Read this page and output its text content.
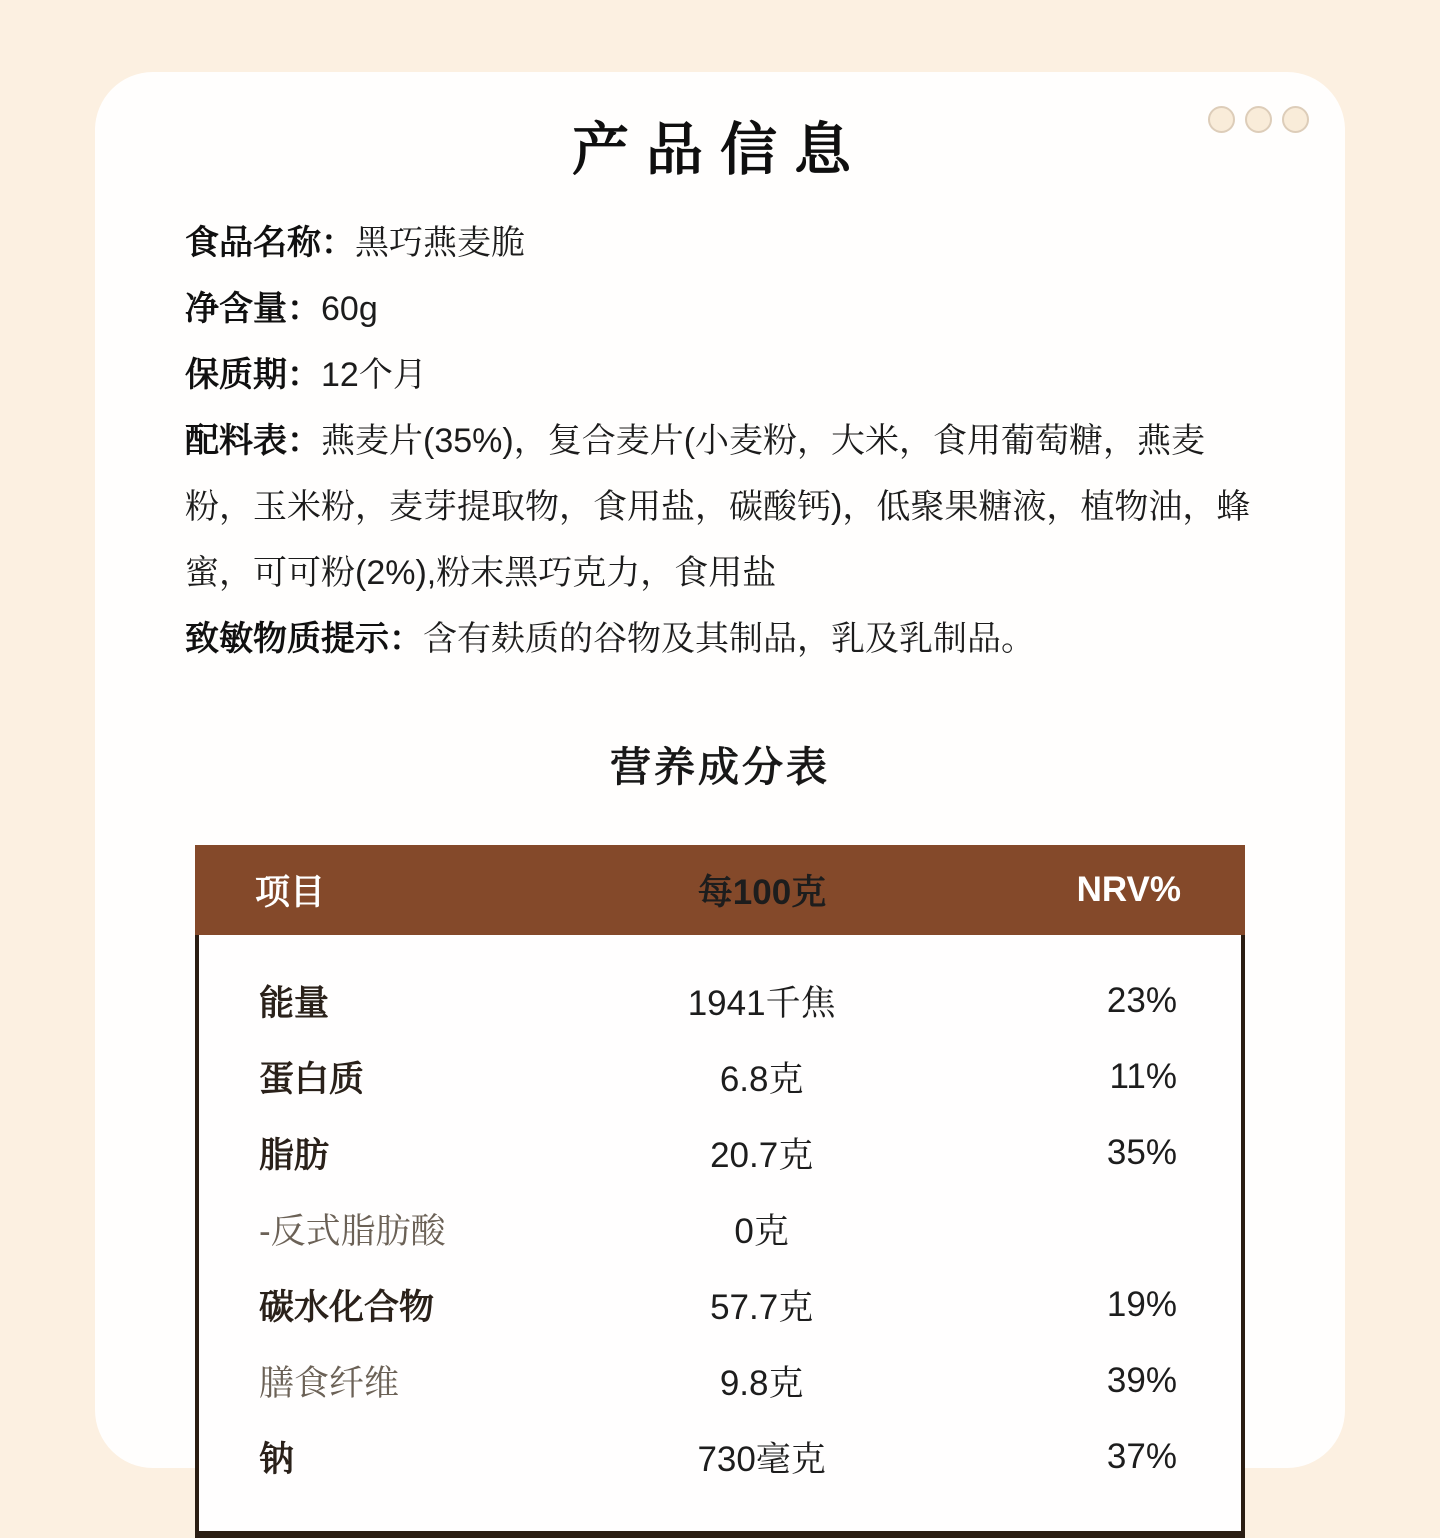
产品信息

食品名称：黑巧燕麦脆

净含量：60g

保质期：12个月

配料表：燕麦片(35%)，复合麦片(小麦粉，大米，食用葡萄糖，燕麦粉，玉米粉，麦芽提取物，食用盐，碳酸钙)，低聚果糖液，植物油，蜂蜜，可可粉(2%),粉末黑巧克力，食用盐

致敏物质提示：含有麸质的谷物及其制品，乳及乳制品。

营养成分表
项目	每100克	NRV%
能量	1941千焦	23%
蛋白质	6.8克	11%
脂肪	20.7克	35%
-反式脂肪酸	0克
碳水化合物	57.7克	19%
膳食纤维	9.8克	39%
钠	730毫克	37%
